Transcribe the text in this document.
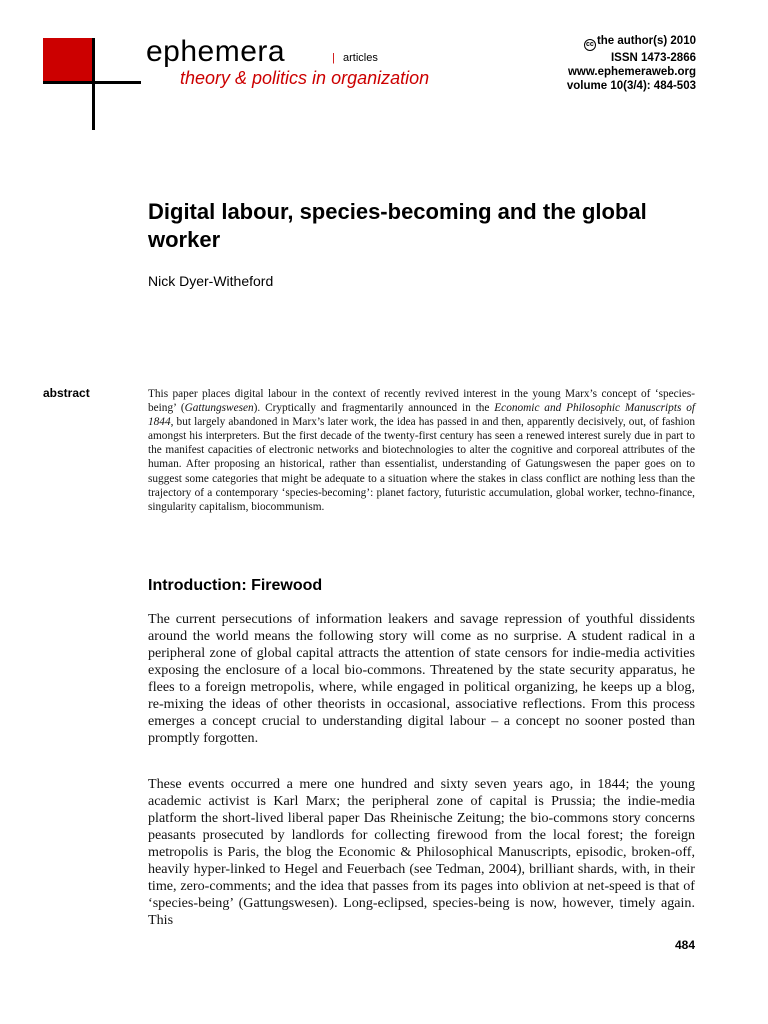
ephemera	| articles
theory & politics in organization
cc the author(s) 2010
ISSN 1473-2866
www.ephemeraweb.org
volume 10(3/4): 484-503
Digital labour, species-becoming and the global worker
Nick Dyer-Witheford
abstract	This paper places digital labour in the context of recently revived interest in the young Marx’s concept of ‘species-being’ (Gattungswesen). Cryptically and fragmentarily announced in the Economic and Philosophic Manuscripts of 1844, but largely abandoned in Marx’s later work, the idea has passed in and then, apparently decisively, out, of fashion amongst his interpreters. But the first decade of the twenty-first century has seen a renewed interest surely due in part to the manifest capacities of electronic networks and biotechnologies to alter the cognitive and corporeal attributes of the human. After proposing an historical, rather than essentialist, understanding of Gatungswesen the paper goes on to suggest some categories that might be adequate to a situation where the stakes in class conflict are nothing less than the trajectory of a contemporary ‘species-becoming’: planet factory, futuristic accumulation, global worker, techno-finance, singularity capitalism, biocommunism.

Introduction: Firewood

The current persecutions of information leakers and savage repression of youthful dissidents around the world means the following story will come as no surprise. A student radical in a peripheral zone of global capital attracts the attention of state censors for indie-media activities exposing the enclosure of a local bio-commons. Threatened by the state security apparatus, he flees to a foreign metropolis, where, while engaged in political organizing, he keeps up a blog, re-mixing the ideas of other theorists in occasional, associative reflections. From this process emerges a concept crucial to understanding digital labour – a concept no sooner posted than promptly forgotten.

These events occurred a mere one hundred and sixty seven years ago, in 1844; the young academic activist is Karl Marx; the peripheral zone of capital is Prussia; the indie-media platform the short-lived liberal paper Das Rheinische Zeitung; the bio-commons story concerns peasants prosecuted by landlords for collecting firewood from the local forest; the foreign metropolis is Paris, the blog the Economic & Philosophical Manuscripts, episodic, broken-off, heavily hyper-linked to Hegel and Feuerbach (see Tedman, 2004), brilliant shards, with, in their time, zero-comments; and the idea that passes from its pages into oblivion at net-speed is that of ‘species-being’ (Gattungswesen). Long-eclipsed, species-being is now, however, timely again. This

484
